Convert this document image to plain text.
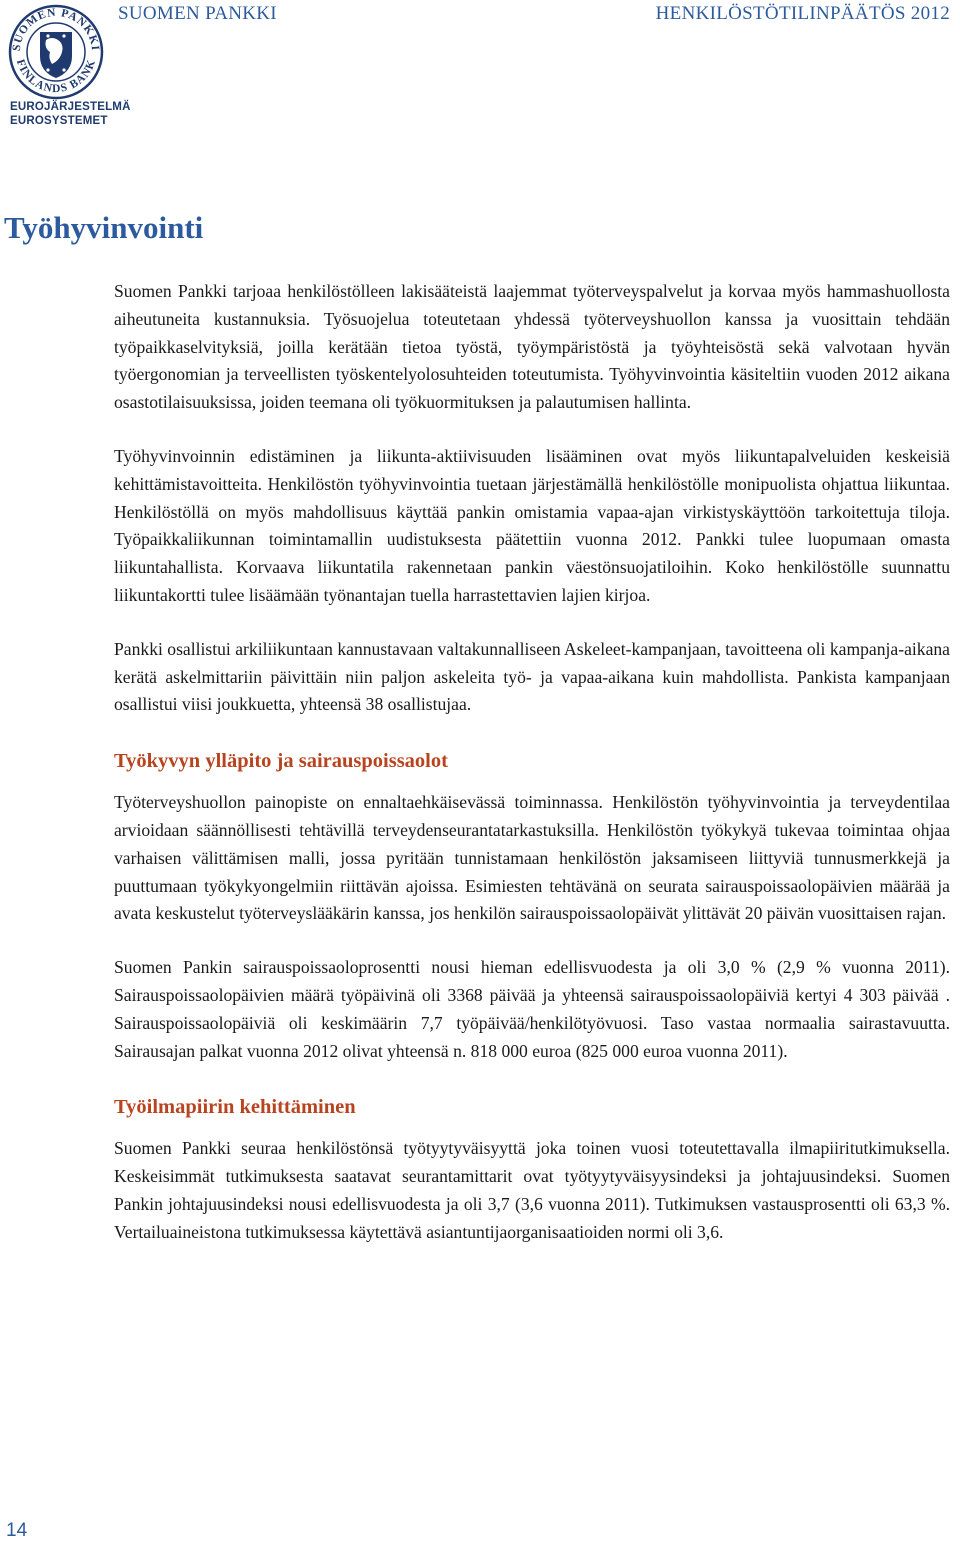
SUOMEN PANKKI
FINLANDS BANK
EUROJÄRJESTELMÄ
EUROSYSTEMET
SUOMEN PANKKI	HENKILÖSTÖTILINPÄÄTÖS 2012
Työhyvinvointi

Suomen Pankki tarjoaa henkilöstölleen lakisääteistä laajemmat työterveyspalvelut ja korvaa myös hammashuollosta aiheutuneita kustannuksia. Työsuojelua toteutetaan yhdessä työterveyshuollon kanssa ja vuosittain tehdään työpaikkaselvityksiä, joilla kerätään tietoa työstä, työympäristöstä ja työyhteisöstä sekä valvotaan hyvän työergonomian ja terveellisten työskentelyolosuhteiden toteutumista. Työhyvinvointia käsiteltiin vuoden 2012 aikana osastotilaisuuksissa, joiden teemana oli työkuormituksen ja palautumisen hallinta.

Työhyvinvoinnin edistäminen ja liikunta-aktiivisuuden lisääminen ovat myös liikuntapalveluiden keskeisiä kehittämistavoitteita. Henkilöstön työhyvinvointia tuetaan järjestämällä henkilöstölle monipuolista ohjattua liikuntaa. Henkilöstöllä on myös mahdollisuus käyttää pankin omistamia vapaa-ajan virkistyskäyttöön tarkoitettuja tiloja. Työpaikkaliikunnan toimintamallin uudistuksesta päätettiin vuonna 2012. Pankki tulee luopumaan omasta liikuntahallista. Korvaava liikuntatila rakennetaan pankin väestönsuojatiloihin. Koko henkilöstölle suunnattu liikuntakortti tulee lisäämään työnantajan tuella harrastettavien lajien kirjoa.

Pankki osallistui arkiliikuntaan kannustavaan valtakunnalliseen Askeleet-kampanjaan, tavoitteena oli kampanja-aikana kerätä askelmittariin päivittäin niin paljon askeleita työ- ja vapaa-aikana kuin mahdollista. Pankista kampanjaan osallistui viisi joukkuetta, yhteensä 38 osallistujaa.

Työkyvyn ylläpito ja sairauspoissaolot

Työterveyshuollon painopiste on ennaltaehkäisevässä toiminnassa. Henkilöstön työhyvinvointia ja terveydentilaa arvioidaan säännöllisesti tehtävillä terveydenseurantatarkastuksilla. Henkilöstön työkykyä tukevaa toimintaa ohjaa varhaisen välittämisen malli, jossa pyritään tunnistamaan henkilöstön jaksamiseen liittyviä tunnusmerkkejä ja puuttumaan työkykyongelmiin riittävän ajoissa. Esimiesten tehtävänä on seurata sairauspoissaolopäivien määrää ja avata keskustelut työterveyslääkärin kanssa, jos henkilön sairauspoissaolopäivät ylittävät 20 päivän vuosittaisen rajan.

Suomen Pankin sairauspoissaoloprosentti nousi hieman edellisvuodesta ja oli 3,0 % (2,9 % vuonna 2011). Sairauspoissaolopäivien määrä työpäivinä oli 3368 päivää ja yhteensä sairauspoissaolopäiviä kertyi 4 303 päivää . Sairauspoissaolopäiviä oli keskimäärin 7,7 työpäivää/henkilötyövuosi. Taso vastaa normaalia sairastavuutta. Sairausajan palkat vuonna 2012 olivat yhteensä n. 818 000 euroa (825 000 euroa vuonna 2011).

Työilmapiirin kehittäminen

Suomen Pankki seuraa henkilöstönsä työtyytyväisyyttä joka toinen vuosi toteutettavalla ilmapiiritutkimuksella. Keskeisimmät tutkimuksesta saatavat seurantamittarit ovat työtyytyväisyysindeksi ja johtajuusindeksi. Suomen Pankin johtajuusindeksi nousi edellisvuodesta ja oli 3,7 (3,6 vuonna 2011). Tutkimuksen vastausprosentti oli 63,3 %. Vertailuaineistona tutkimuksessa käytettävä asiantuntijaorganisaatioiden normi oli 3,6.

14
